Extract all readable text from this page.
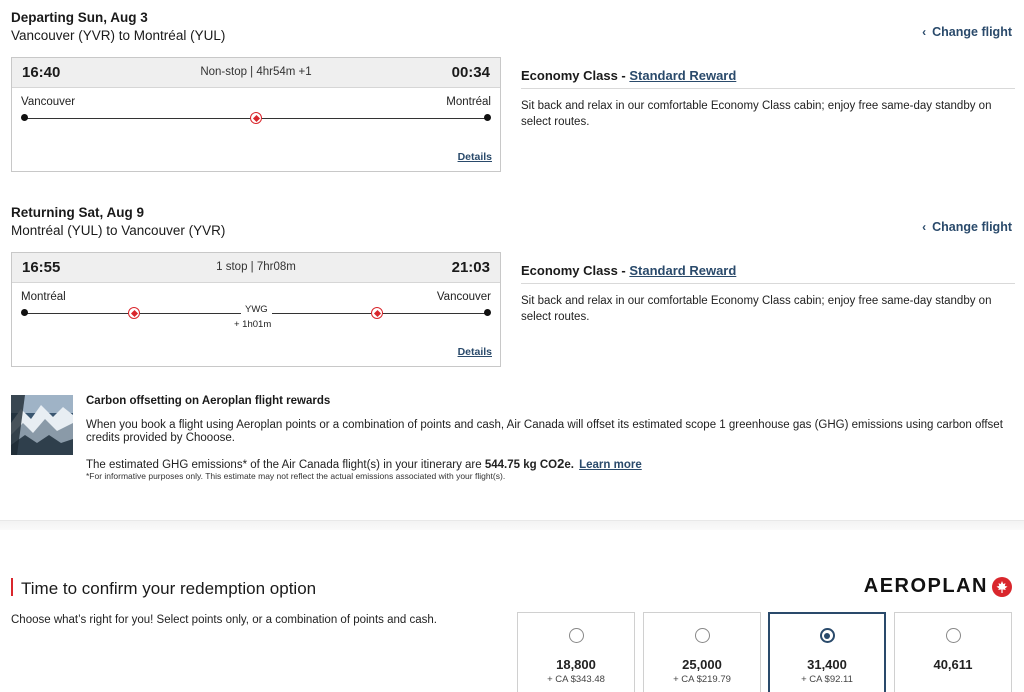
Departing Sun, Aug 3
Vancouver (YVR) to Montréal (YUL)	‹ Change flight
16:40	Non-stop | 4hr54m +1	00:34
Vancouver	Montréal
Details
Economy Class - Standard Reward
Sit back and relax in our comfortable Economy Class cabin; enjoy free same-day standby on select routes.
Returning Sat, Aug 9
Montréal (YUL) to Vancouver (YVR)	‹ Change flight
16:55	1 stop | 7hr08m	21:03
Montréal	Vancouver
YWG
+ 1h01m
Details
Economy Class - Standard Reward
Sit back and relax in our comfortable Economy Class cabin; enjoy free same-day standby on select routes.
Carbon offsetting on Aeroplan flight rewards
When you book a flight using Aeroplan points or a combination of points and cash, Air Canada will offset its estimated scope 1 greenhouse gas (GHG) emissions using carbon offset credits provided by Chooose.
The estimated GHG emissions* of the Air Canada flight(s) in your itinerary are 544.75 kg CO2e. Learn more
*For informative purposes only. This estimate may not reflect the actual emissions associated with your flight(s).
Time to confirm your redemption option
Choose what’s right for you! Select points only, or a combination of points and cash.
AEROPLAN
18,800
+ CA $343.48
25,000
+ CA $219.79
31,400
+ CA $92.11
40,611
